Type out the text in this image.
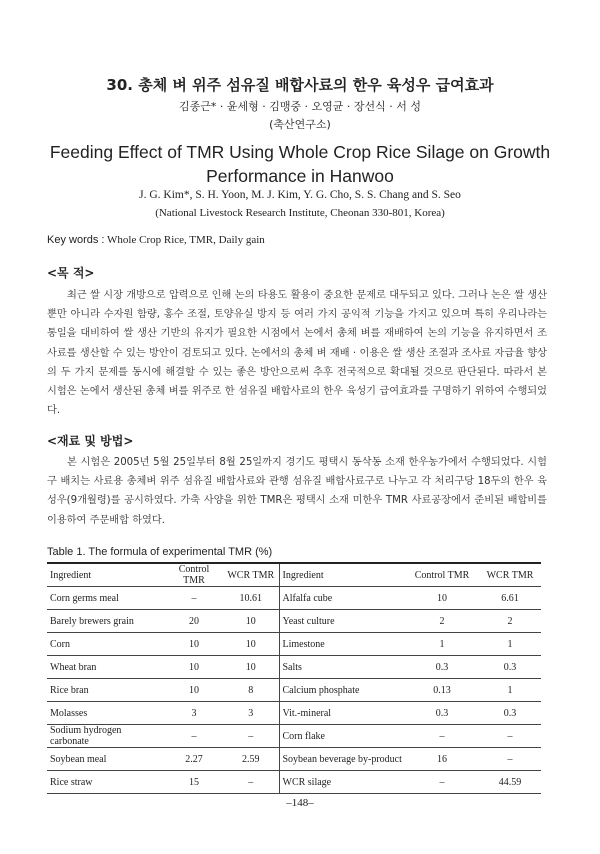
30. 총체 벼 위주 섬유질 배합사료의 한우 육성우 급여효과
김종근* · 윤세형 · 김맹중 · 오영균 · 장선식 · 서 성
(축산연구소)
Feeding Effect of TMR Using Whole Crop Rice Silage on Growth
Performance in Hanwoo
J. G. Kim*, S. H. Yoon, M. J. Kim, Y. G. Cho, S. S. Chang and S. Seo
(National Livestock Research Institute, Cheonan 330-801, Korea)
Key words : Whole Crop Rice, TMR, Daily gain
<목 적>
최근 쌀 시장 개방으로 압력으로 인해 논의 타용도 활용이 중요한 문제로 대두되고 있다. 그러나 논은 쌀 생산뿐만 아니라 수자원 함량, 홍수 조절, 토양유실 방지 등 여러 가지 공익적 기능을 가지고 있으며 특히 우리나라는 통일을 대비하여 쌀 생산 기반의 유지가 필요한 시점에서 논에서 총체 벼를 재배하여 논의 기능을 유지하면서 조사료를 생산할 수 있는 방안이 검토되고 있다. 논에서의 총체 벼 재배 · 이용은 쌀 생산 조절과 조사료 자급율 향상의 두 가지 문제를 동시에 해결할 수 있는 좋은 방안으로써 추후 전국적으로 확대될 것으로 판단된다. 따라서 본 시험은 논에서 생산된 총체 벼를 위주로 한 섬유질 배합사료의 한우 육성기 급여효과를 구명하기 위하여 수행되었다.
<재료 및 방법>
본 시험은 2005년 5월 25일부터 8월 25일까지 경기도 평택시 동삭동 소재 한우농가에서 수행되었다. 시험구 배치는 사료용 총체벼 위주 섬유질 배합사료와 관행 섬유질 배합사료구로 나누고 각 처리구당 18두의 한우 육성우(9개월령)를 공시하였다. 가축 사양을 위한 TMR은 평택시 소재 미한우 TMR 사료공장에서 준비된 배합비를 이용하여 주문배합 하였다.
Table 1. The formula of experimental TMR (%)
Ingredient	Control TMR	WCR TMR	Ingredient	Control TMR	WCR TMR
Corn germs meal	–	10.61	Alfalfa cube	10	6.61
Barely brewers grain	20	10	Yeast culture	2	2
Corn	10	10	Limestone	1	1
Wheat bran	10	10	Salts	0.3	0.3
Rice bran	10	8	Calcium phosphate	0.13	1
Molasses	3	3	Vit.-mineral	0.3	0.3
Sodium hydrogen carbonate	–	–	Corn flake	–	–
Soybean meal	2.27	2.59	Soybean beverage by-product	16	–
Rice straw	15	–	WCR silage	–	44.59
–148–
